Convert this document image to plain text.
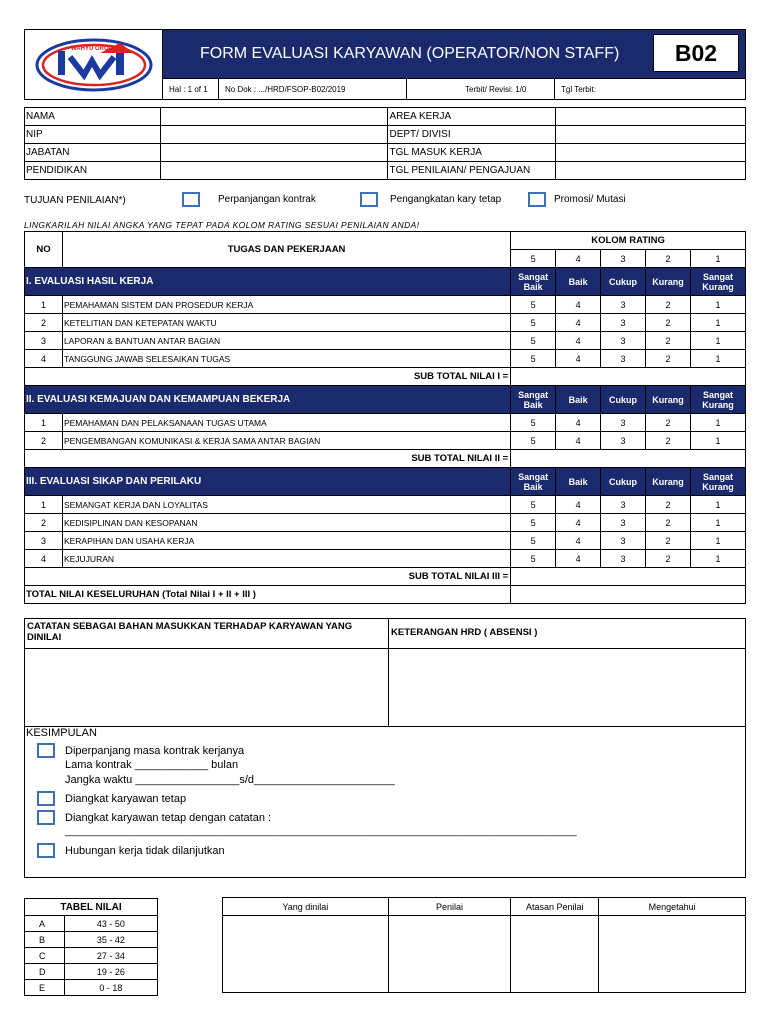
WAHYU GROUP	FORM EVALUASI KARYAWAN (OPERATOR/NON STAFF)	B02
Hal : 1 of 1	No Dok : .../HRD/FSOP-B02/2019	Terbit/ Revisi: 1/0	Tgl Terbit:
NAMA		AREA KERJA	
NIP		DEPT/ DIVISI	
JABATAN		TGL MASUK KERJA	
PENDIDIKAN		TGL PENILAIAN/ PENGAJUAN	
TUJUAN PENILAIAN*)	Perpanjangan kontrak	Pengangkatan kary tetap	Promosi/ Mutasi
LINGKARILAH NILAI ANGKA YANG TEPAT PADA KOLOM RATING SESUAI PENILAIAN ANDA!
NO	TUGAS DAN PEKERJAAN	KOLOM RATING				
		5	4	3	2	1
I. EVALUASI HASIL KERJA		Sangat Baik	Baik	Cukup	Kurang	Sangat Kurang
1	PEMAHAMAN SISTEM DAN PROSEDUR KERJA	5	4	3	2	1
2	KETELITIAN DAN KETEPATAN WAKTU	5	4	3	2	1
3	LAPORAN & BANTUAN ANTAR BAGIAN	5	4	3	2	1
4	TANGGUNG JAWAB SELESAIKAN TUGAS	5	4	3	2	1
SUB TOTAL NILAI I =						
II. EVALUASI KEMAJUAN DAN KEMAMPUAN BEKERJA		Sangat Baik	Baik	Cukup	Kurang	Sangat Kurang
1	PEMAHAMAN DAN PELAKSANAAN TUGAS UTAMA	5	4	3	2	1
2	PENGEMBANGAN KOMUNIKASI & KERJA SAMA ANTAR BAGIAN	5	4	3	2	1
SUB TOTAL NILAI II =						
III. EVALUASI SIKAP DAN PERILAKU		Sangat Baik	Baik	Cukup	Kurang	Sangat Kurang
1	SEMANGAT KERJA DAN LOYALITAS	5	4	3	2	1
2	KEDISIPLINAN DAN KESOPANAN	5	4	3	2	1
3	KERAPIHAN DAN USAHA KERJA	5	4	3	2	1
4	KEJUJURAN	5	4	3	2	1
SUB TOTAL NILAI III =						
TOTAL NILAI KESELURUHAN (Total Nilai I + II + III )						
CATATAN SEBAGAI BAHAN MASUKKAN TERHADAP KARYAWAN YANG DINILAI	KETERANGAN HRD ( ABSENSI )
KESIMPULAN
Diperpanjang masa kontrak kerjanya
Lama kontrak ____________ bulan
Jangka waktu _________________s/d_______________________
Diangkat karyawan tetap
Diangkat karyawan tetap dengan catatan :
____________________________________________________________________________________________
Hubungan kerja tidak dilanjutkan
TABEL NILAI	
A	43 - 50
B	35 - 42
C	27 - 34
D	19 - 26
E	0 - 18
Yang dinilai	Penilai	Atasan Penilai	Mengetahui
